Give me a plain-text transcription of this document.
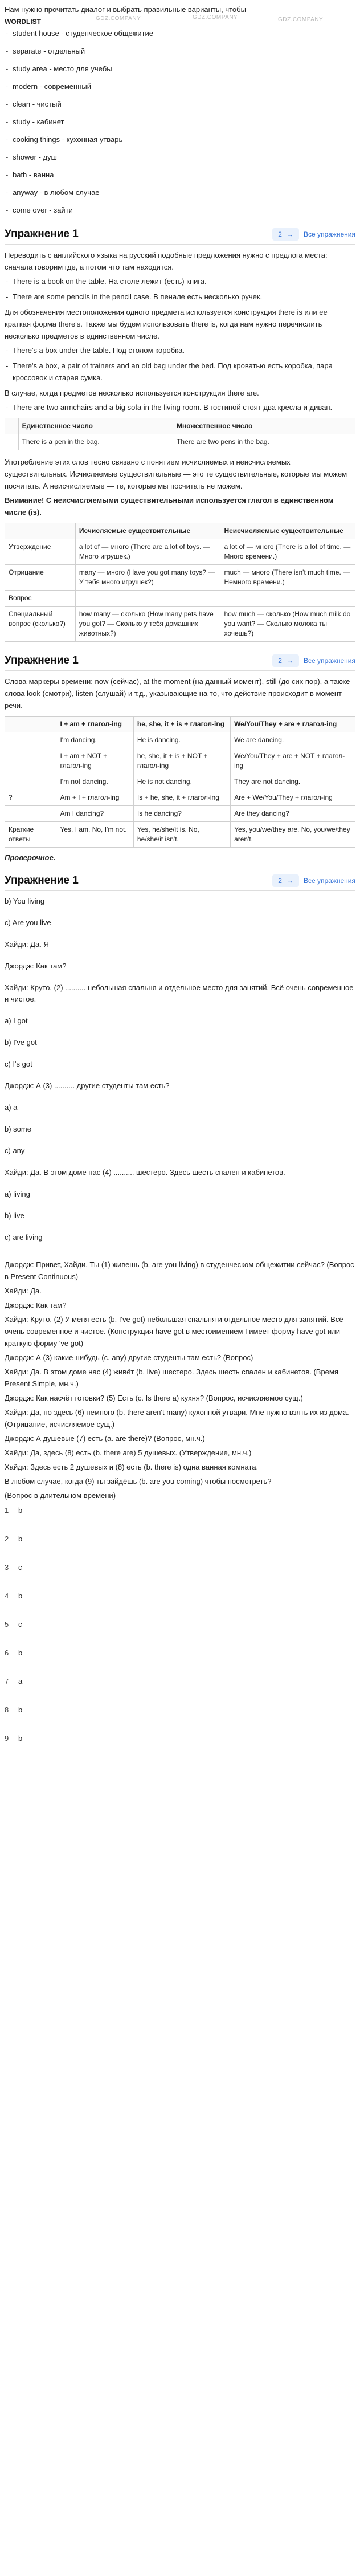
Нам нужно прочитать диалог и выбрать правильные варианты, чтобы

GDZ.COMPANY	GDZ.COMPANY	GDZ.COMPANY
WORDLIST
- student house - студенческое общежитие
- separate - отдельный
- study area - место для учебы
- modern - современный
- clean - чистый
- study - кабинет
- cooking things - кухонная утварь
- shower - душ
- bath - ванна
- anyway - в любом случае
- come over - зайти
Упражнение 1	2 → Все упражнения

Переводить с английского языка на русский подобные предложения нужно с предлога места: сначала говорим где, а потом что там находится.

- There is a book on the table. На столе лежит (есть) книга.
- There are some pencils in the pencil case. В пенале есть несколько ручек.

Для обозначения местоположения одного предмета используется конструкция there is или ее краткая форма there's. Также мы будем использовать there is, когда нам нужно перечислить несколько предметов в единственном числе.

- There's a box under the table. Под столом коробка.
- There's a box, a pair of trainers and an old bag under the bed. Под кроватью есть коробка, пара кроссовок и старая сумка.

В случае, когда предметов несколько используется конструкция there are.

- There are two armchairs and a big sofa in the living room. В гостиной стоят два кресла и диван.
	Единственное число	Множественное число
	There is a pen in the bag.	There are two pens in the bag.

Употребление этих слов тесно связано с понятием исчисляемых и неисчисляемых существительных. Исчисляемые существительные — это те существительные, которые мы можем посчитать. А неисчисляемые — те, которые мы посчитать не можем.

Внимание! С неисчисляемыми существительными используется глагол в единственном числе (is).

	Исчисляемые существительные	Неисчисляемые существительные
Утверждение	a lot of — много (There are a lot of toys. — Много игрушек.)	a lot of — много (There is a lot of time. — Много времени.)
Отрицание	many — много (Have you got many toys? — У тебя много игрушек?)	much — много (There isn't much time. — Немного времени.)
Вопрос		
Специальный вопрос (сколько?)	how many — сколько (How many pets have you got? — Сколько у тебя домашних животных?)	how much — сколько (How much milk do you want? — Сколько молока ты хочешь?)
Упражнение 1	2 → Все упражнения

Слова-маркеры времени: now (сейчас), at the moment (на данный момент), still (до сих пор), а также слова look (смотри), listen (слушай) и т.д., указывающие на то, что действие происходит в момент речи.

	I + am + глагол-ing	he, she, it + is + глагол-ing	We/You/They + are + глагол-ing
	I'm dancing.	He is dancing.	We are dancing.
	I + am + NOT + глагол-ing	he, she, it + is + NOT + глагол-ing	We/You/They + are + NOT + глагол-ing
	I'm not dancing.	He is not dancing.	They are not dancing.
?	Am + I + глагол-ing	Is + he, she, it + глагол-ing	Are + We/You/They + глагол-ing
	Am I dancing?	Is he dancing?	Are they dancing?
Краткие ответы	Yes, I am. No, I'm not.	Yes, he/she/it is. No, he/she/it isn't.	Yes, you/we/they are. No, you/we/they aren't.
Проверочное.
Упражнение 1	2 → Все упражнения
b) You living
c) Are you live
Хайди: Да. Я
Джордж: Как там?
Хайди: Круто. (2) .......... небольшая спальня и отдельное место для занятий. Всё очень современное и чистое.
a) I got
b) I've got
c) I's got
Джордж: А (3) .......... другие студенты там есть?
a) a
b) some
c) any
Хайди: Да. В этом доме нас (4) .......... шестеро. Здесь шесть спален и кабинетов.
a) living
b) live
c) are living

Джордж: Привет, Хайди. Ты (1) живешь (b. are you living) в студенческом общежитии сейчас? (Вопрос в Present Continuous)

Хайди: Да.

Джордж: Как там?

Хайди: Круто. (2) У меня есть (b. I've got) небольшая спальня и отдельное место для занятий. Всё очень современное и чистое. (Конструкция have got в местоимением I имеет форму have got или краткую форму 've got)

Джордж: А (3) какие-нибудь (c. any) другие студенты там есть? (Вопрос)

Хайди: Да. В этом доме нас (4) живёт (b. live) шестеро. Здесь шесть спален и кабинетов. (Время Present Simple, мн.ч.)

Джордж: Как насчёт готовки? (5) Есть (c. Is there a) кухня? (Вопрос, исчисляемое сущ.)

Хайди: Да, но здесь (6) немного (b. there aren't many) кухонной утвари. Мне нужно взять их из дома. (Отрицание, исчисляемое сущ.)

Джордж: А душевые (7) есть (a. are there)? (Вопрос, мн.ч.)

Хайди: Да, здесь (8) есть (b. there are) 5 душевых. (Утверждение, мн.ч.)

Хайди: Здесь есть 2 душевых и (8) есть (b. there is) одна ванная комната.

В любом случае, когда (9) ты зайдёшь (b. are you coming) чтобы посмотреть?

(Вопрос в длительном времени)

1 b
2 b
3 c
4 b
5 c
6 b
7 a
8 b
9 b
